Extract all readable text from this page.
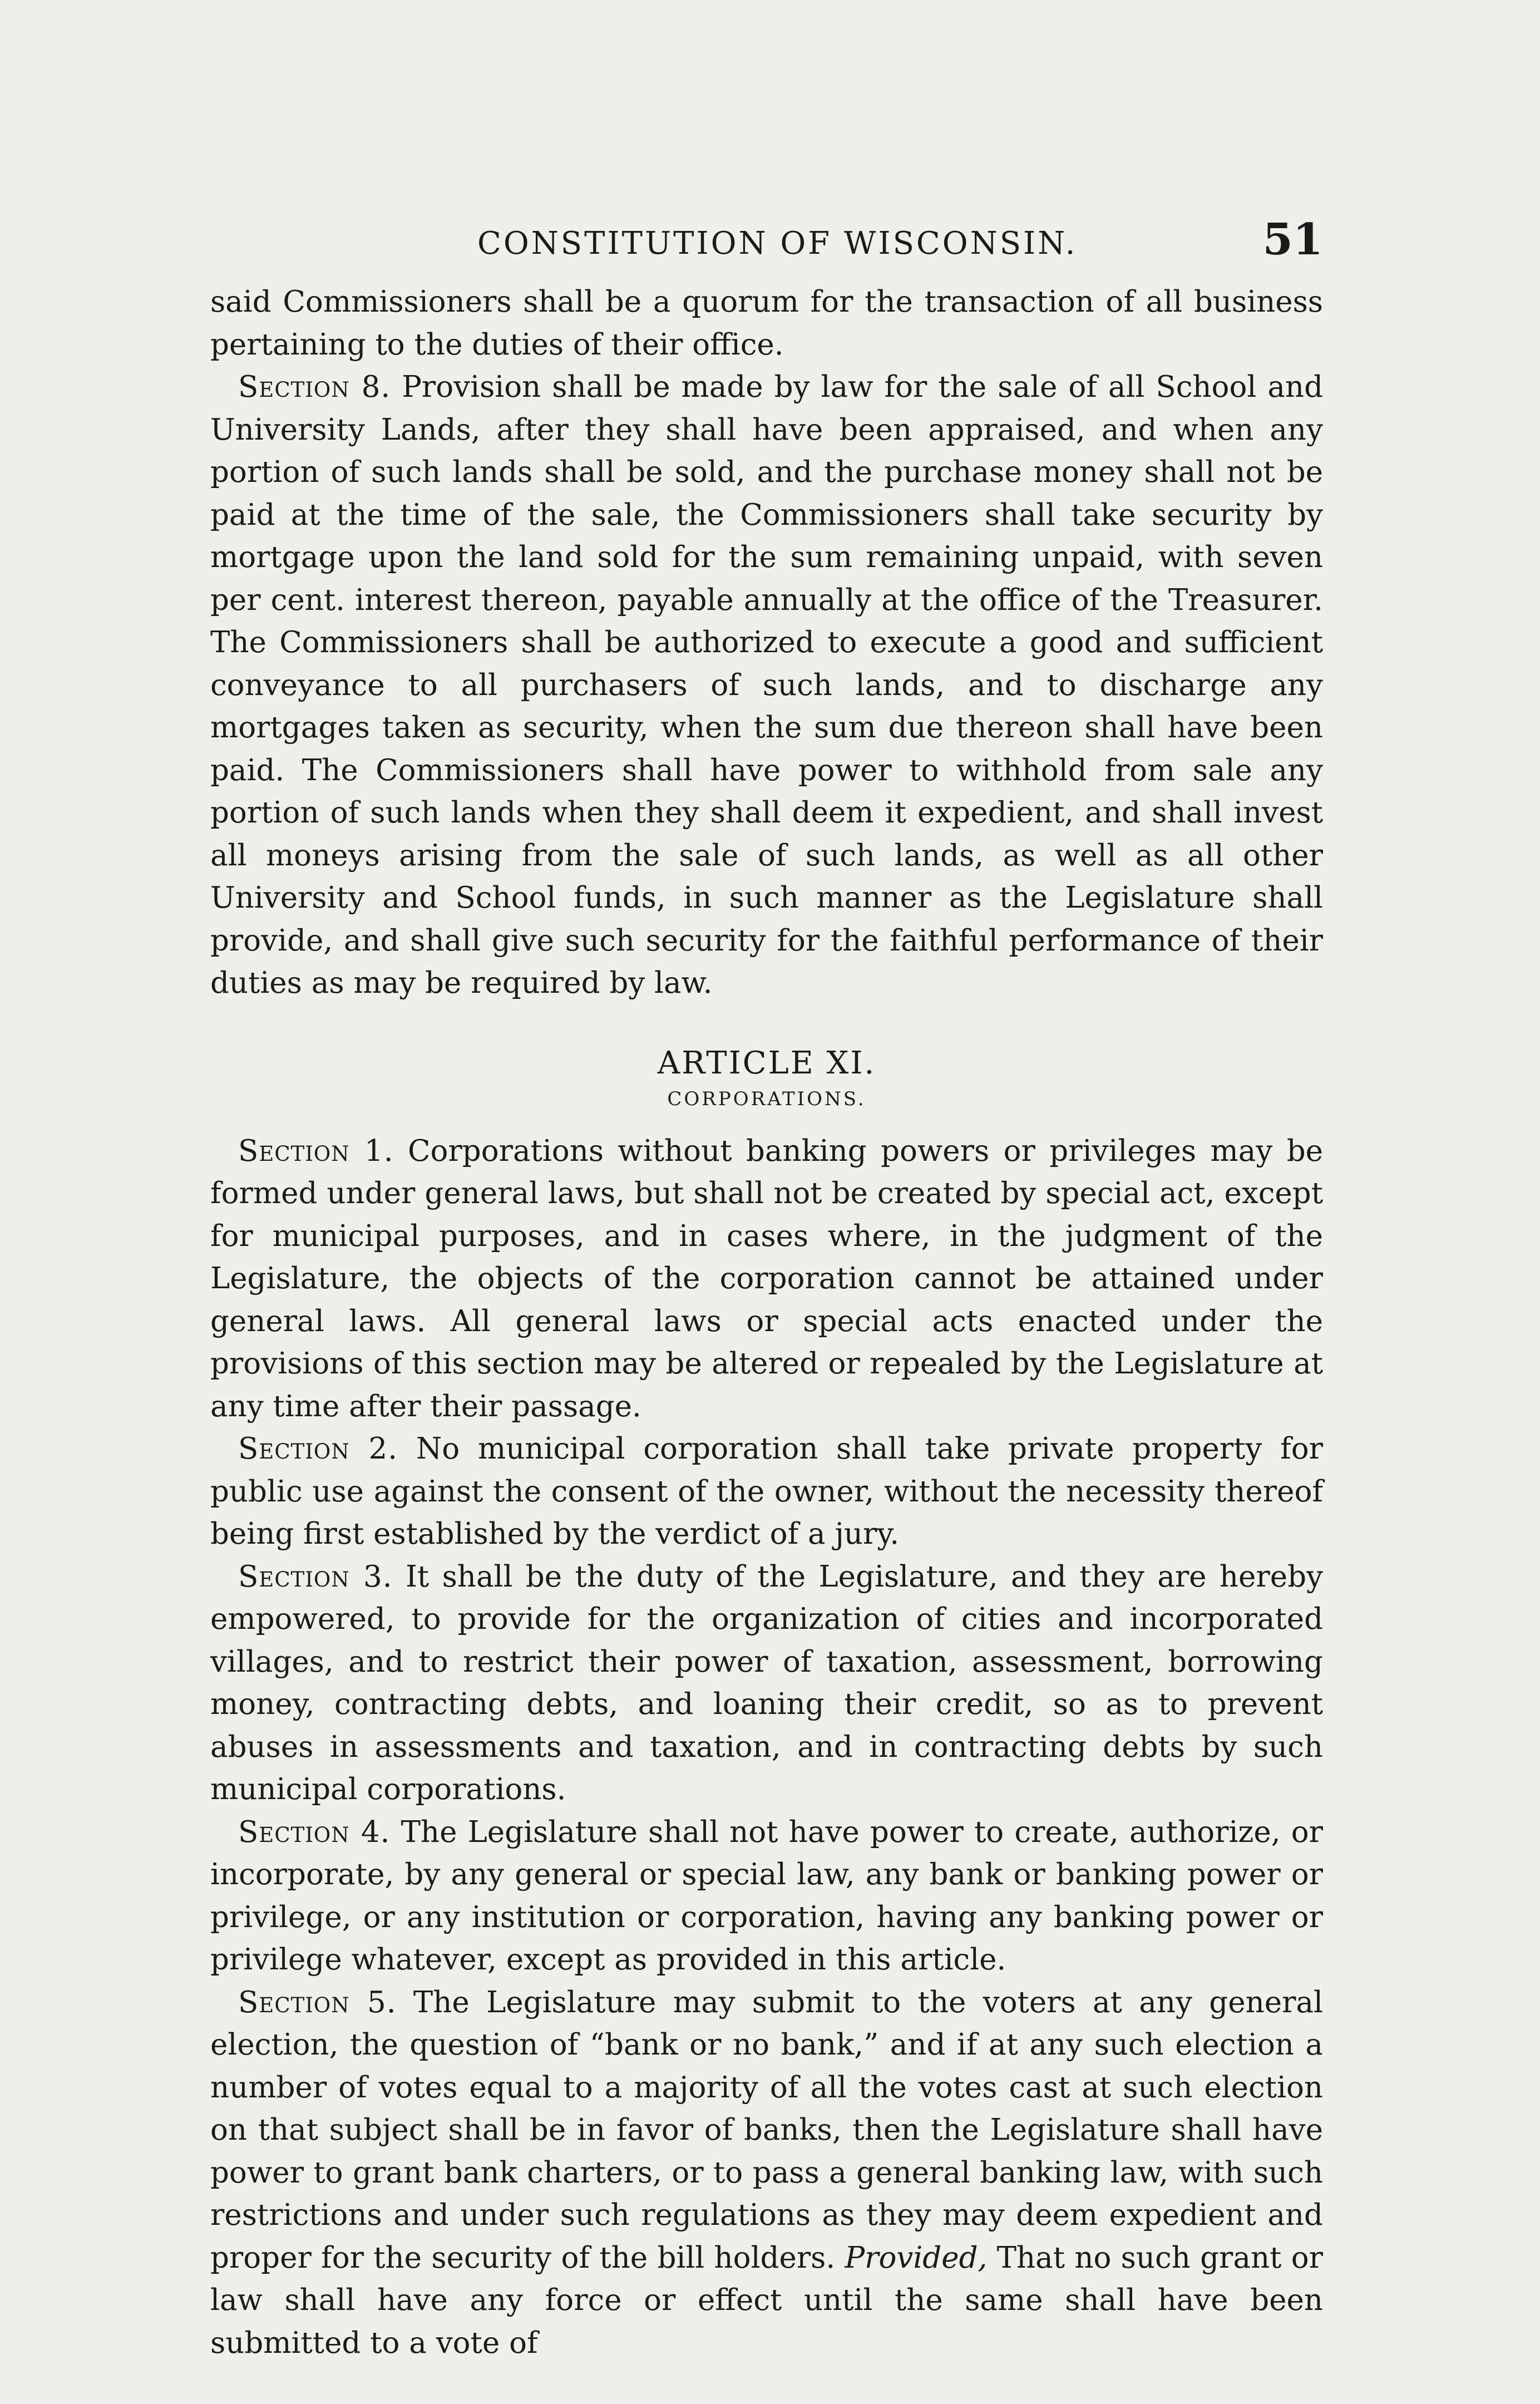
CONSTITUTION OF WISCONSIN.	51

said Commissioners shall be a quorum for the transaction of all business pertaining to the duties of their office.

Section 8. Provision shall be made by law for the sale of all School and University Lands, after they shall have been appraised, and when any portion of such lands shall be sold, and the purchase money shall not be paid at the time of the sale, the Commissioners shall take security by mortgage upon the land sold for the sum remaining unpaid, with seven per cent. interest thereon, payable annually at the office of the Treasurer. The Commissioners shall be authorized to execute a good and sufficient conveyance to all purchasers of such lands, and to discharge any mortgages taken as security, when the sum due thereon shall have been paid. The Commissioners shall have power to withhold from sale any portion of such lands when they shall deem it expedient, and shall invest all moneys arising from the sale of such lands, as well as all other University and School funds, in such manner as the Legislature shall provide, and shall give such security for the faithful performance of their duties as may be required by law.

ARTICLE XI.
CORPORATIONS.

Section 1. Corporations without banking powers or privileges may be formed under general laws, but shall not be created by special act, except for municipal purposes, and in cases where, in the judgment of the Legislature, the objects of the corporation cannot be attained under general laws. All general laws or special acts enacted under the provisions of this section may be altered or repealed by the Legislature at any time after their passage.

Section 2. No municipal corporation shall take private property for public use against the consent of the owner, without the necessity thereof being first established by the verdict of a jury.

Section 3. It shall be the duty of the Legislature, and they are hereby empowered, to provide for the organization of cities and incorporated villages, and to restrict their power of taxation, assessment, borrowing money, contracting debts, and loaning their credit, so as to prevent abuses in assessments and taxation, and in contracting debts by such municipal corporations.

Section 4. The Legislature shall not have power to create, authorize, or incorporate, by any general or special law, any bank or banking power or privilege, or any institution or corporation, having any banking power or privilege whatever, except as provided in this article.

Section 5. The Legislature may submit to the voters at any general election, the question of “bank or no bank,” and if at any such election a number of votes equal to a majority of all the votes cast at such election on that subject shall be in favor of banks, then the Legislature shall have power to grant bank charters, or to pass a general banking law, with such restrictions and under such regulations as they may deem expedient and proper for the security of the bill holders. Provided, That no such grant or law shall have any force or effect until the same shall have been submitted to a vote of
